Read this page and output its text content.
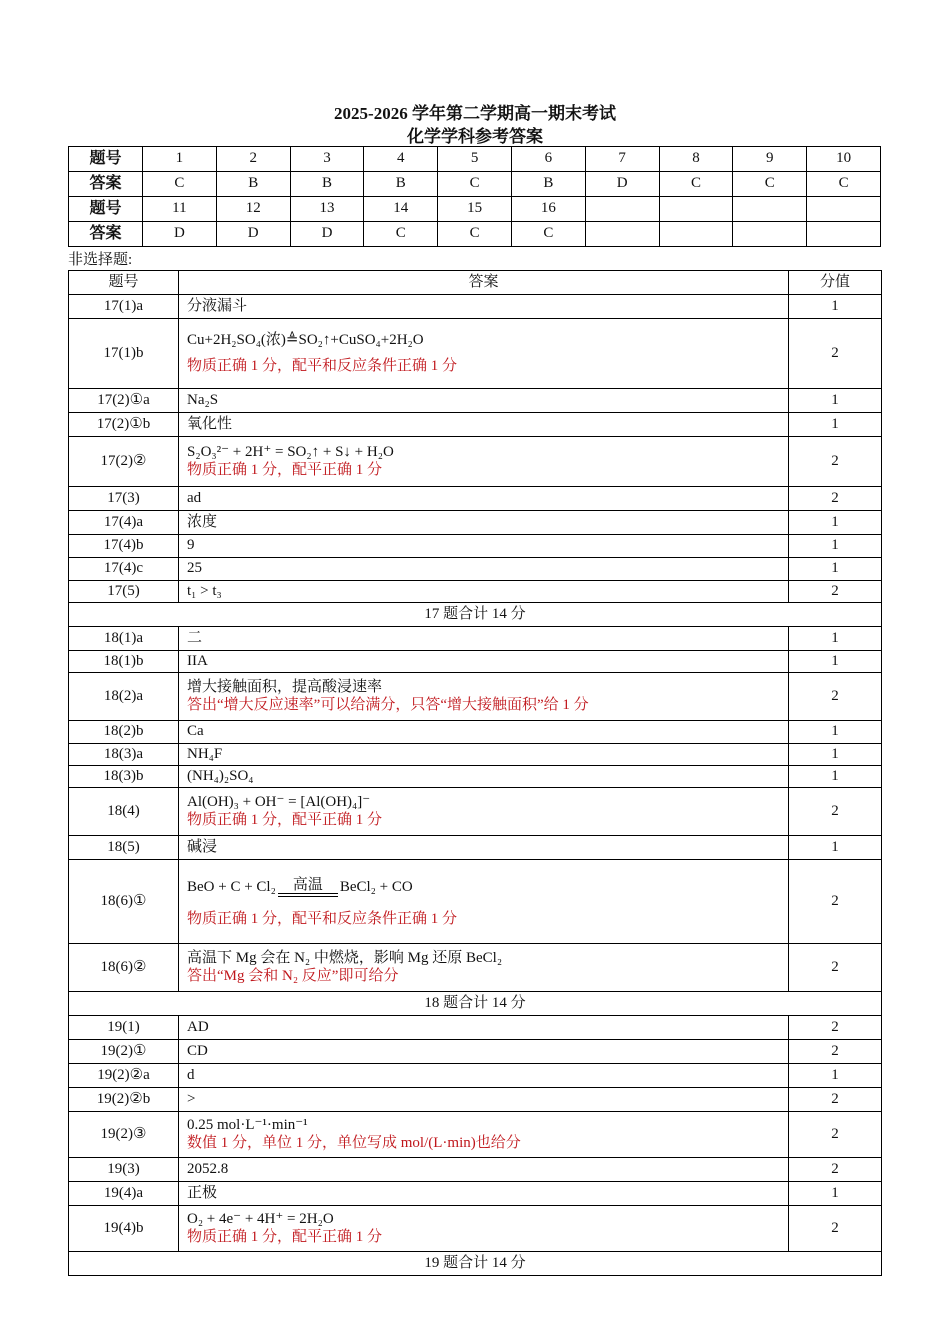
2025-2026 学年第二学期高一期末考试
化学学科参考答案
题号	1	2	3	4	5	6	7	8	9	10
答案	C	B	B	B	C	B	D	C	C	C
题号	11	12	13	14	15	16				
答案	D	D	D	C	C	C				
非选择题:
题号	答案	分值
17(1)a	分液漏斗	1
17(1)b	Cu+2H₂SO₄(浓)≜SO₂↑+CuSO₄+2H₂O
物质正确 1 分，配平和反应条件正确 1 分	2
17(2)①a	Na₂S	1
17(2)①b	氧化性	1
17(2)②	S₂O₃²⁻ + 2H⁺ = SO₂↑ + S↓ + H₂O
物质正确 1 分，配平正确 1 分	2
17(3)	ad	2
17(4)a	浓度	1
17(4)b	9	1
17(4)c	25	1
17(5)	t₁ > t₃	2
17 题合计 14 分		
18(1)a	二	1
18(1)b	IIA	1
18(2)a	增大接触面积，提高酸浸速率
答出“增大反应速率”可以给满分，只答“增大接触面积”给 1 分	2
18(2)b	Ca	1
18(3)a	NH₄F	1
18(3)b	(NH₄)₂SO₄	1
18(4)	Al(OH)₃ + OH⁻ = [Al(OH)₄]⁻
物质正确 1 分，配平正确 1 分	2
18(5)	碱浸	1
18(6)①	BeO + C + Cl₂ 高温 BeCl₂ + CO
物质正确 1 分，配平和反应条件正确 1 分	2
18(6)②	高温下 Mg 会在 N₂ 中燃烧，影响 Mg 还原 BeCl₂
答出“Mg 会和 N₂ 反应”即可给分	2
18 题合计 14 分		
19(1)	AD	2
19(2)①	CD	2
19(2)②a	d	1
19(2)②b	>	2
19(2)③	0.25 mol·L⁻¹·min⁻¹
数值 1 分，单位 1 分，单位写成 mol/(L·min)也给分	2
19(3)	2052.8	2
19(4)a	正极	1
19(4)b	O₂ + 4e⁻ + 4H⁺ = 2H₂O
物质正确 1 分，配平正确 1 分	2
19 题合计 14 分		
